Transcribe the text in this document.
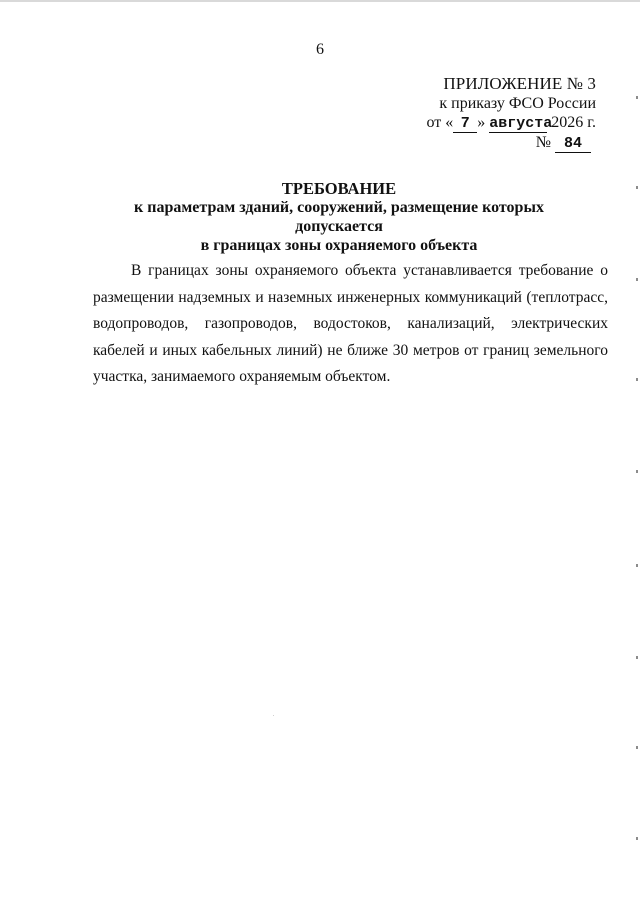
6
ПРИЛОЖЕНИЕ № 3
к приказу ФСО России
от « 7 » августа 2026 г.
№ 84
ТРЕБОВАНИЕ
к параметрам зданий, сооружений, размещение которых допускается
в границах зоны охраняемого объекта

В границах зоны охраняемого объекта устанавливается требование о размещении надземных и наземных инженерных коммуникаций (теплотрасс, водопроводов, газопроводов, водостоков, канализаций, электрических кабелей и иных кабельных линий) не ближе 30 метров от границ земельного участка, занимаемого охраняемым объектом.
